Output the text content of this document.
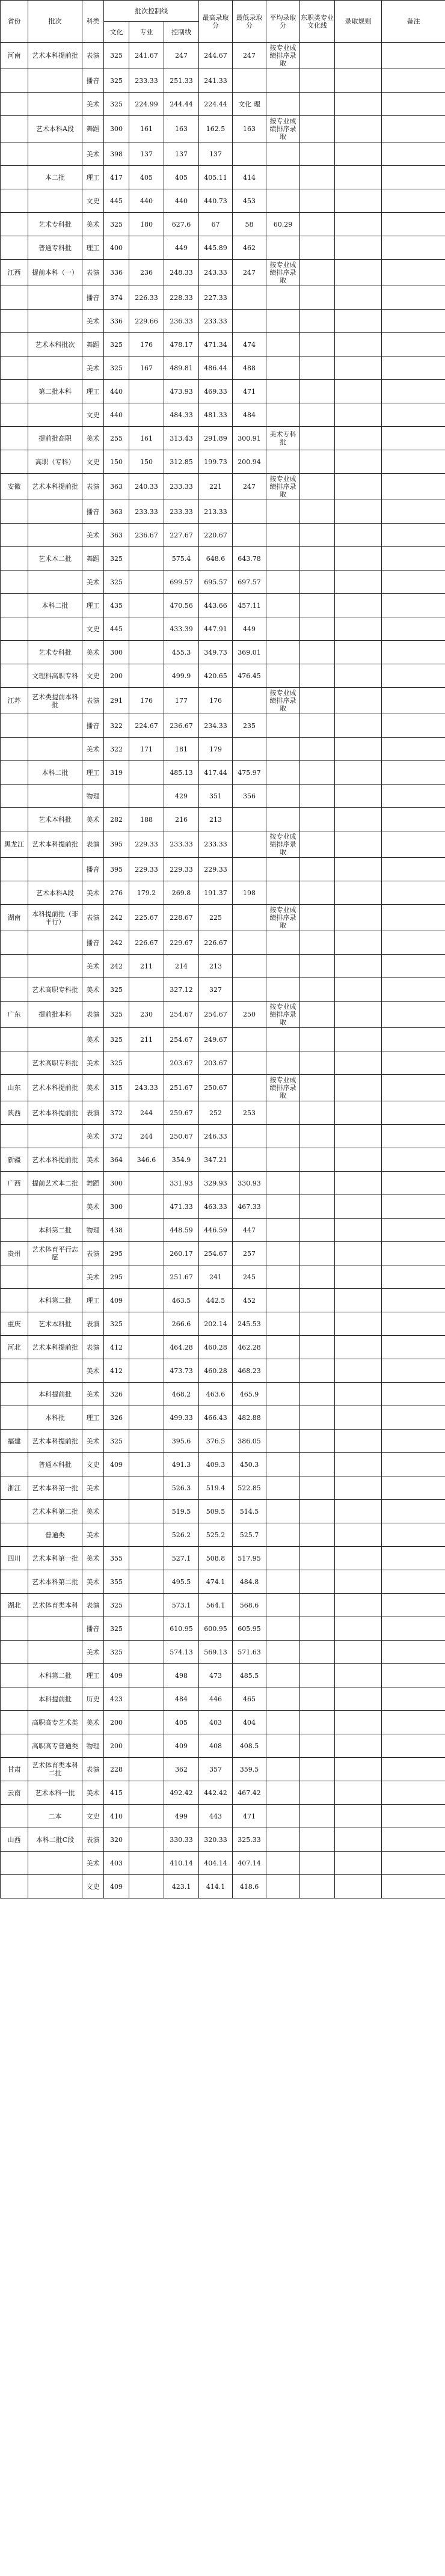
省份	批次	科类	批次控制线			最高录取分	最低录取分	平均录取分	东职类专业文化线	录取规则	备注
			文化	专业	控制线						
河南	艺术本科提前批	表演	325	241.67	247	244.67	247	按专业成绩排序录取			
		播音	325	233.33	251.33	241.33					
		美术	325	224.99	244.44	224.44	文化 理				
	艺术本科A段	舞蹈	300	161	163	162.5	163	按专业成绩排序录取			
		美术	398	137	137	137					
	本二批	理工	417	405	405	405.11	414				
		文史	445	440	440	440.73	453				
	艺术专科批	美术	325	180	627.6	67	58	60.29			
	普通专科批	理工	400		449	445.89	462				
江西	提前本科（一）	表演	336	236	248.33	243.33	247	按专业成绩排序录取			
		播音	374	226.33	228.33	227.33					
		美术	336	229.66	236.33	233.33					
	艺术本科批次	舞蹈	325	176	478.17	471.34	474				
		美术	325	167	489.81	486.44	488				
	第二批本科	理工	440		473.93	469.33	471				
		文史	440		484.33	481.33	484				
	提前批高职	美术	255	161	313.43	291.89	300.91	美术专科批			
	高职（专科）	文史	150	150	312.85	199.73	200.94				
安徽	艺术本科提前批	表演	363	240.33	233.33	221	247	按专业成绩排序录取			
		播音	363	233.33	233.33	213.33					
		美术	363	236.67	227.67	220.67					
	艺术本二批	舞蹈	325		575.4	648.6	643.78				
		美术	325		699.57	695.57	697.57				
	本科二批	理工	435		470.56	443.66	457.11				
		文史	445		433.39	447.91	449				
	艺术专科批	美术	300		455.3	349.73	369.01				
	文理科高职专科	文史	200		499.9	420.65	476.45				
江苏	艺术类提前本科批	表演	291	176	177	176		按专业成绩排序录取			
		播音	322	224.67	236.67	234.33	235				
		美术	322	171	181	179					
	本科二批	理工	319		485.13	417.44	475.97				
		物理			429	351	356				
	艺术本科批	美术	282	188	216	213					
黑龙江	艺术本科提前批	表演	395	229.33	233.33	233.33		按专业成绩排序录取			
		播音	395	229.33	229.33	229.33					
	艺术本科A段	美术	276	179.2	269.8	191.37	198				
湖南	本科提前批（非平行）	表演	242	225.67	228.67	225		按专业成绩排序录取			
		播音	242	226.67	229.67	226.67					
		美术	242	211	214	213					
	艺术高职专科批	美术	325		327.12	327					
广东	提前批本科	表演	325	230	254.67	254.67	250	按专业成绩排序录取			
		美术	325	211	254.67	249.67					
	艺术高职专科批	美术	325		203.67	203.67					
山东	艺术本科提前批	美术	315	243.33	251.67	250.67		按专业成绩排序录取			
陕西	艺术本科提前批	表演	372	244	259.67	252	253				
		美术	372	244	250.67	246.33					
新疆	艺术本科提前批	美术	364	346.6	354.9	347.21					
广西	提前艺术本二批	舞蹈	300		331.93	329.93	330.93				
		美术	300		471.33	463.33	467.33				
	本科第二批	物理	438		448.59	446.59	447				
贵州	艺术体育平行志愿	表演	295		260.17	254.67	257				
		美术	295		251.67	241	245				
	本科第二批	理工	409		463.5	442.5	452				
重庆	艺术本科批	表演	325		266.6	202.14	245.53				
河北	艺术本科提前批	表演	412		464.28	460.28	462.28				
		美术	412		473.73	460.28	468.23				
	本科提前批	美术	326		468.2	463.6	465.9				
	本科批	理工	326		499.33	466.43	482.88				
福建	艺术本科提前批	美术	325		395.6	376.5	386.05				
	普通本科批	文史	409		491.3	409.3	450.3				
浙江	艺术本科第一批	美术			526.3	519.4	522.85				
	艺术本科第二批	美术			519.5	509.5	514.5				
	普通类	美术			526.2	525.2	525.7				
四川	艺术本科第一批	美术	355		527.1	508.8	517.95				
	艺术本科第二批	美术	355		495.5	474.1	484.8				
湖北	艺术体育类本科	表演	325		573.1	564.1	568.6				
		播音	325		610.95	600.95	605.95				
		美术	325		574.13	569.13	571.63				
	本科第二批	理工	409		498	473	485.5				
	本科提前批	历史	423		484	446	465				
	高职高专艺术类	美术	200		405	403	404				
	高职高专普通类	物理	200		409	408	408.5				
甘肃	艺术体育类本科二批	表演	228		362	357	359.5				
云南	艺术本科一批	美术	415		492.42	442.42	467.42				
	二本	文史	410		499	443	471				
山西	本科二批C段	表演	320		330.33	320.33	325.33				
		美术	403		410.14	404.14	407.14				
		文史	409		423.1	414.1	418.6				
